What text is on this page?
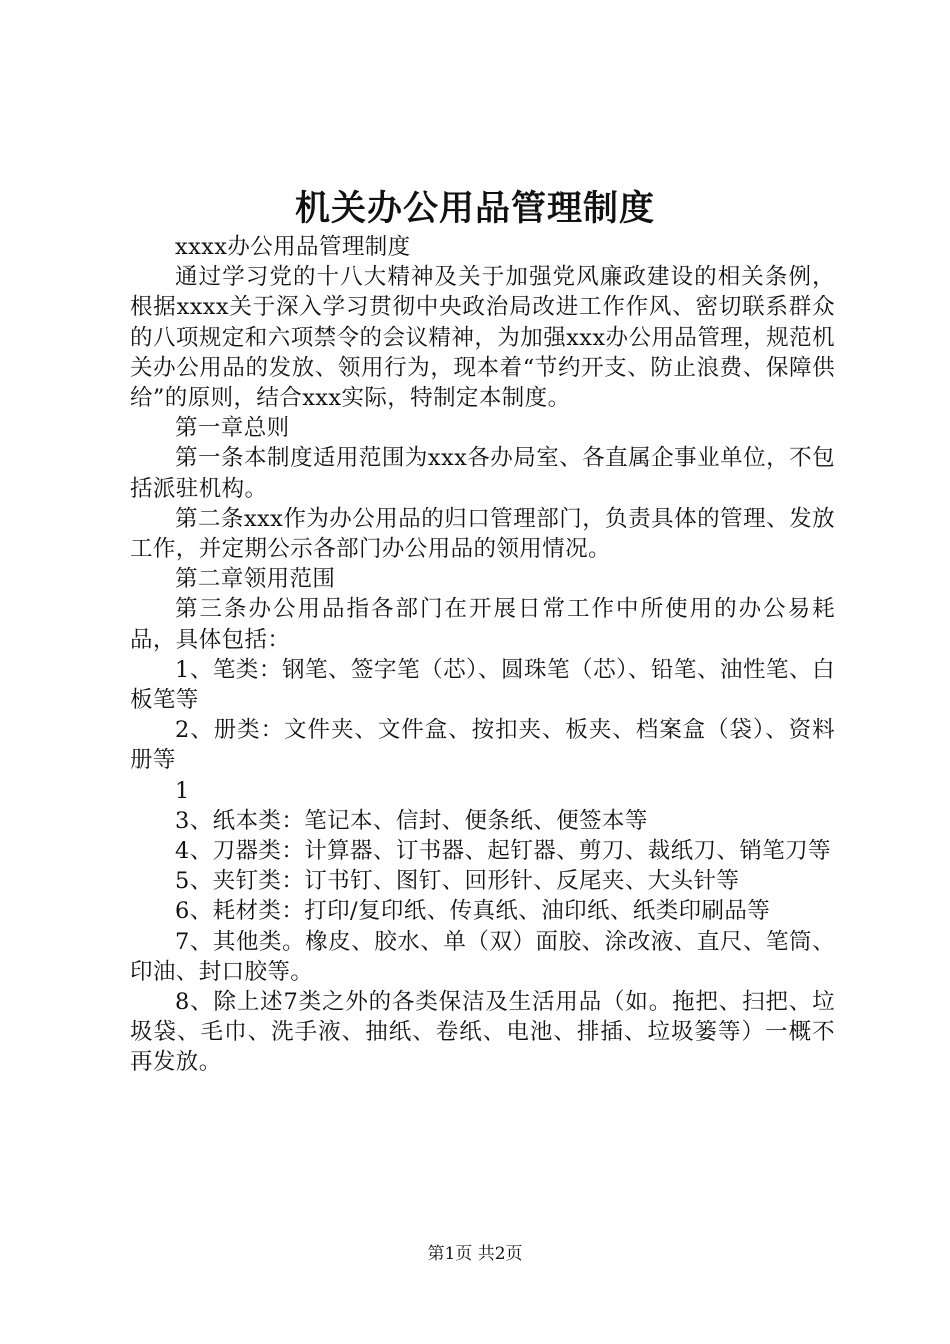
机关办公用品管理制度

xxxx办公用品管理制度

通过学习党的十八大精神及关于加强党风廉政建设的相关条例，根据xxxx关于深入学习贯彻中央政治局改进工作作风、密切联系群众的八项规定和六项禁令的会议精神，为加强xxx办公用品管理，规范机关办公用品的发放、领用行为，现本着“节约开支、防止浪费、保障供给”的原则，结合xxx实际，特制定本制度。

第一章总则

第一条本制度适用范围为xxx各办局室、各直属企事业单位，不包括派驻机构。

第二条xxx作为办公用品的归口管理部门，负责具体的管理、发放工作，并定期公示各部门办公用品的领用情况。

第二章领用范围

第三条办公用品指各部门在开展日常工作中所使用的办公易耗品，具体包括：

1、笔类：钢笔、签字笔（芯）、圆珠笔（芯）、铅笔、油性笔、白板笔等

2、册类：文件夹、文件盒、按扣夹、板夹、档案盒（袋）、资料册等

1

3、纸本类：笔记本、信封、便条纸、便签本等

4、刀器类：计算器、订书器、起钉器、剪刀、裁纸刀、销笔刀等

5、夹钉类：订书钉、图钉、回形针、反尾夹、大头针等

6、耗材类：打印/复印纸、传真纸、油印纸、纸类印刷品等

7、其他类。橡皮、胶水、单（双）面胶、涂改液、直尺、笔筒、印油、封口胶等。

8、除上述7类之外的各类保洁及生活用品（如。拖把、扫把、垃圾袋、毛巾、洗手液、抽纸、卷纸、电池、排插、垃圾篓等）一概不再发放。

第1页 共2页
